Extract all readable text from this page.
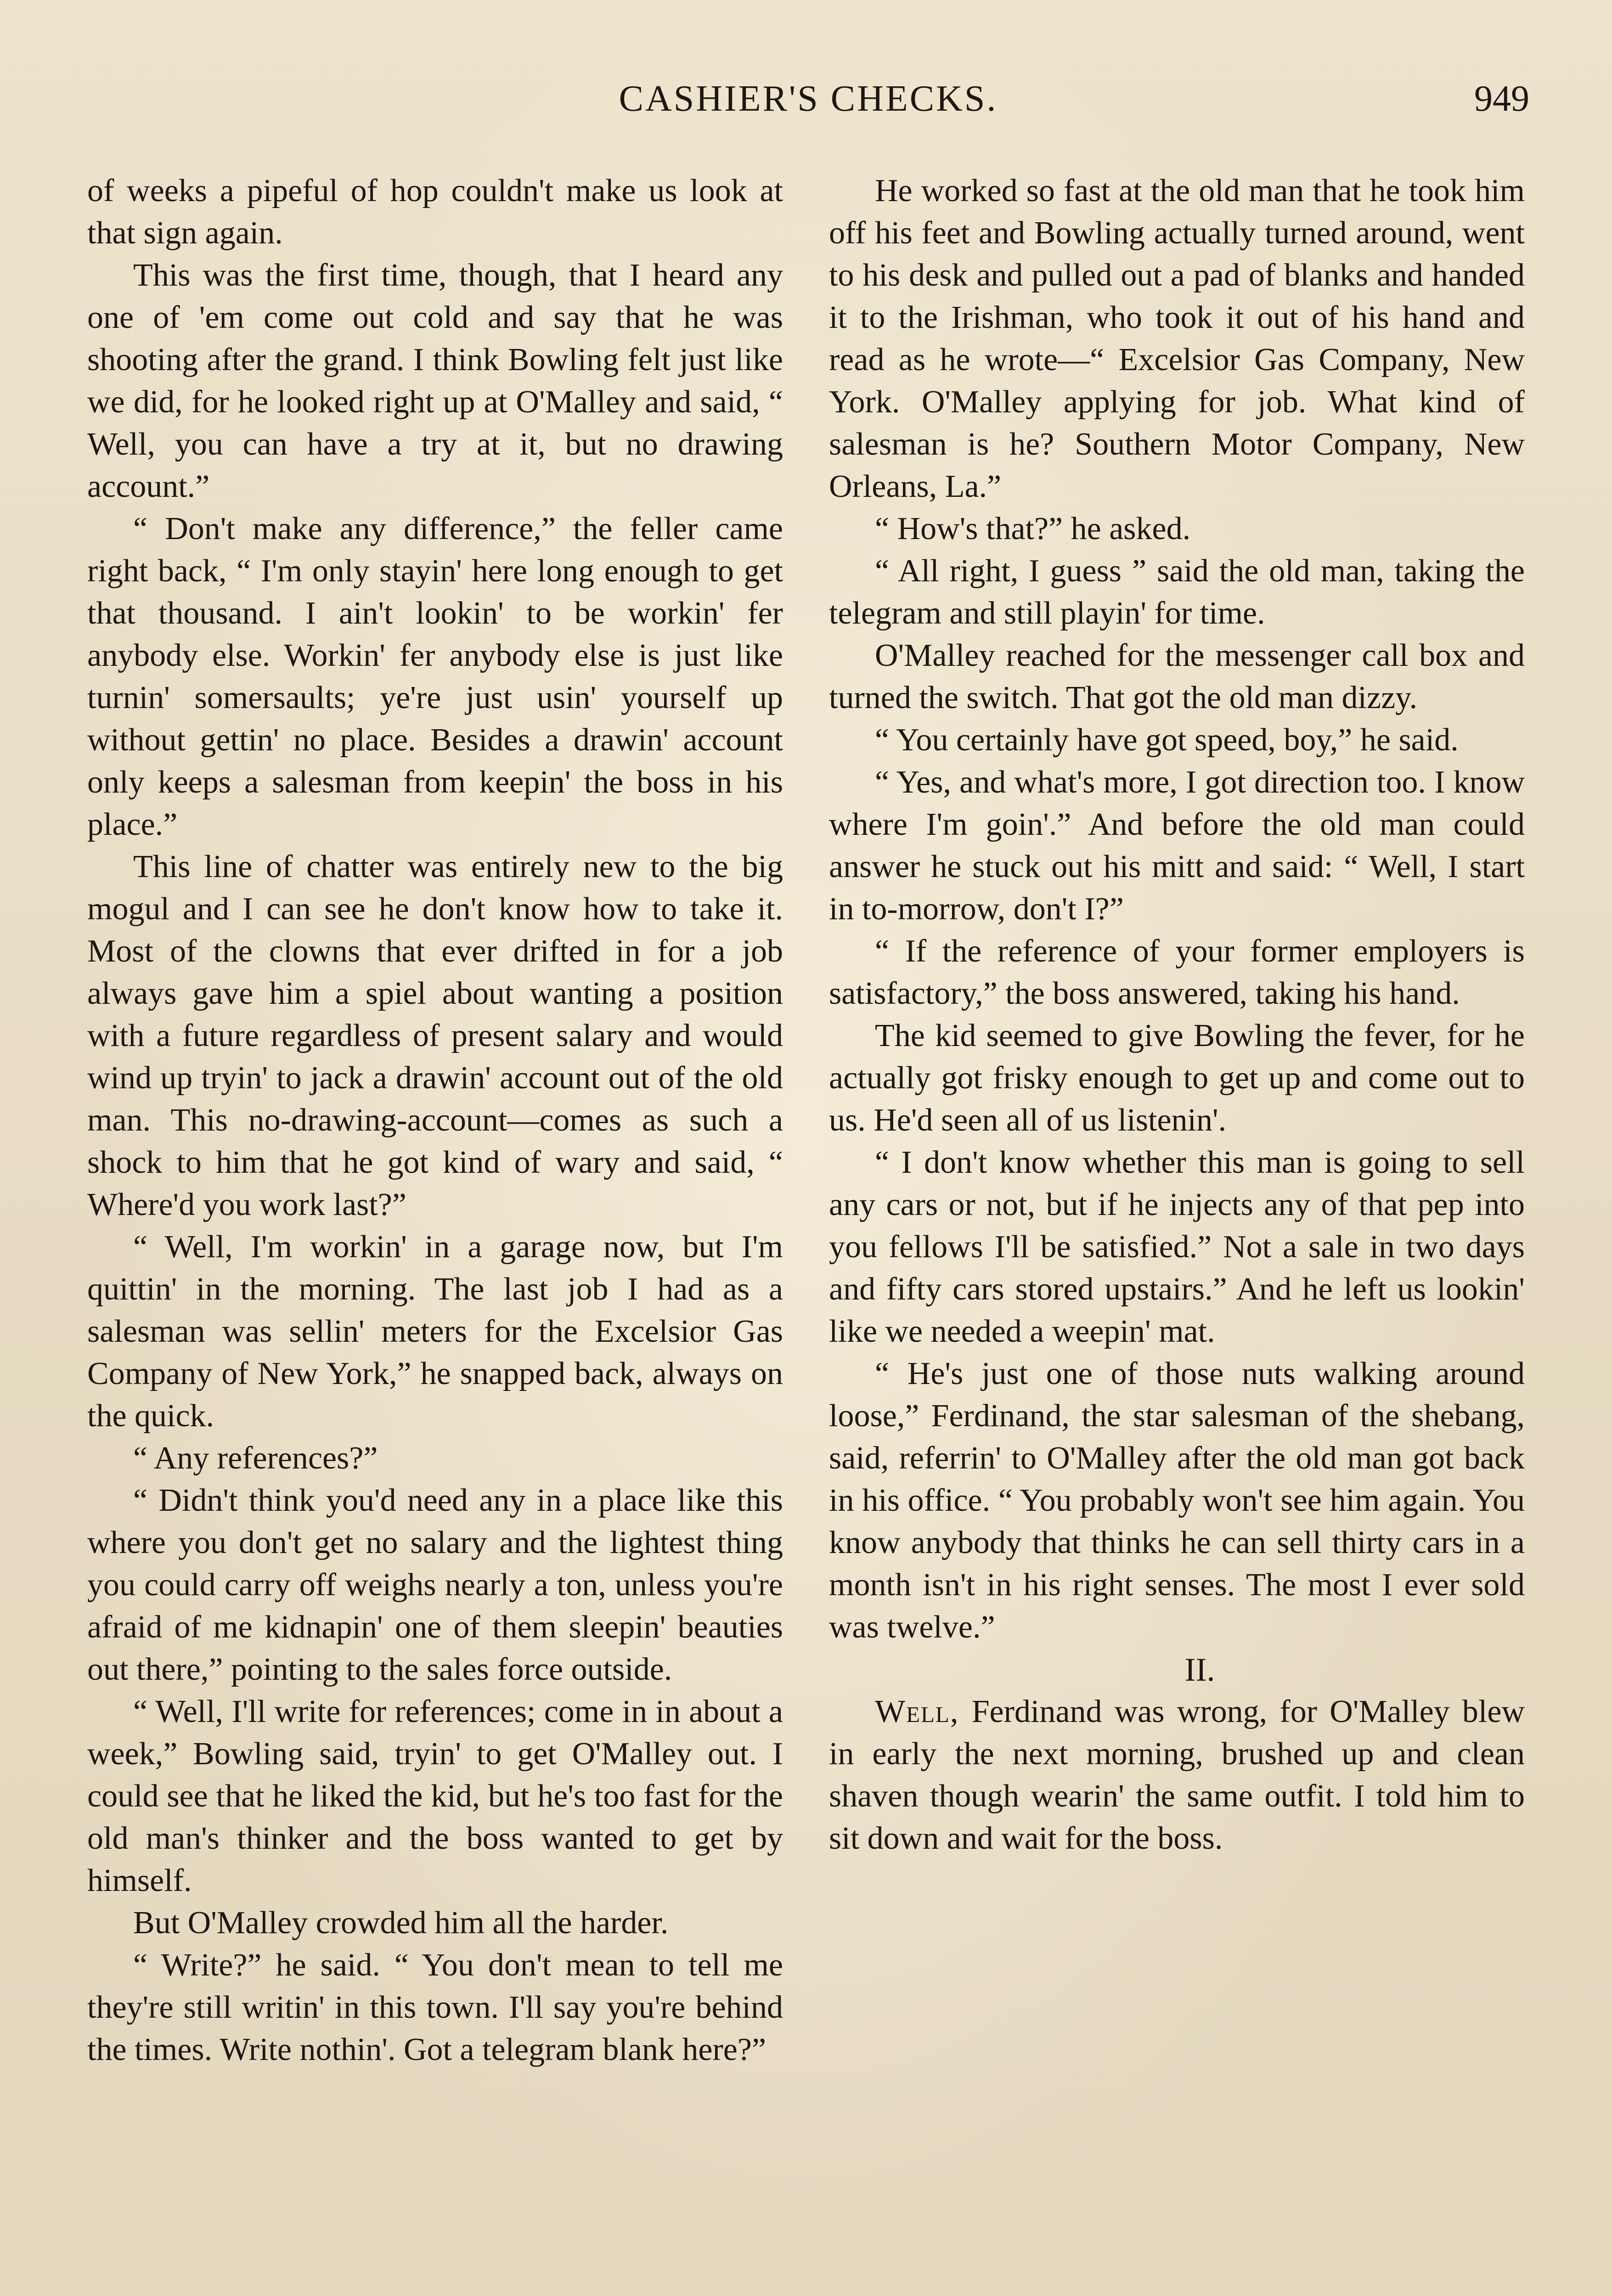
CASHIER'S CHECKS.	949

of weeks a pipeful of hop couldn't make us look at that sign again.

This was the first time, though, that I heard any one of 'em come out cold and say that he was shooting after the grand. I think Bowling felt just like we did, for he looked right up at O'Malley and said, “ Well, you can have a try at it, but no drawing account.”

“ Don't make any difference,” the feller came right back, “ I'm only stayin' here long enough to get that thousand. I ain't lookin' to be workin' fer anybody else. Workin' fer anybody else is just like turnin' somersaults; ye're just usin' yourself up without gettin' no place. Besides a drawin' account only keeps a salesman from keepin' the boss in his place.”

This line of chatter was entirely new to the big mogul and I can see he don't know how to take it. Most of the clowns that ever drifted in for a job always gave him a spiel about wanting a position with a future regardless of present salary and would wind up tryin' to jack a drawin' account out of the old man. This no-drawing-account—comes as such a shock to him that he got kind of wary and said, “ Where'd you work last?”

“ Well, I'm workin' in a garage now, but I'm quittin' in the morning. The last job I had as a salesman was sellin' meters for the Excelsior Gas Company of New York,” he snapped back, always on the quick.

“ Any references?”

“ Didn't think you'd need any in a place like this where you don't get no salary and the lightest thing you could carry off weighs nearly a ton, unless you're afraid of me kidnapin' one of them sleepin' beauties out there,” pointing to the sales force outside.

“ Well, I'll write for references; come in in about a week,” Bowling said, tryin' to get O'Malley out. I could see that he liked the kid, but he's too fast for the old man's thinker and the boss wanted to get by himself.

But O'Malley crowded him all the harder.

“ Write?” he said. “ You don't mean to tell me they're still writin' in this town. I'll say you're behind the times. Write nothin'. Got a telegram blank here?”

He worked so fast at the old man that he took him off his feet and Bowling actually turned around, went to his desk and pulled out a pad of blanks and handed it to the Irishman, who took it out of his hand and read as he wrote—“ Excelsior Gas Company, New York. O'Malley applying for job. What kind of salesman is he? Southern Motor Company, New Orleans, La.”

“ How's that?” he asked.

“ All right, I guess ” said the old man, taking the telegram and still playin' for time.

O'Malley reached for the messenger call box and turned the switch. That got the old man dizzy.

“ You certainly have got speed, boy,” he said.

“ Yes, and what's more, I got direction too. I know where I'm goin'.” And before the old man could answer he stuck out his mitt and said: “ Well, I start in to-morrow, don't I?”

“ If the reference of your former employers is satisfactory,” the boss answered, taking his hand.

The kid seemed to give Bowling the fever, for he actually got frisky enough to get up and come out to us. He'd seen all of us listenin'.

“ I don't know whether this man is going to sell any cars or not, but if he injects any of that pep into you fellows I'll be satisfied.” Not a sale in two days and fifty cars stored upstairs.” And he left us lookin' like we needed a weepin' mat.

“ He's just one of those nuts walking around loose,” Ferdinand, the star salesman of the shebang, said, referrin' to O'Malley after the old man got back in his office. “ You probably won't see him again. You know anybody that thinks he can sell thirty cars in a month isn't in his right senses. The most I ever sold was twelve.”

II.

Well, Ferdinand was wrong, for O'Malley blew in early the next morning, brushed up and clean shaven though wearin' the same outfit. I told him to sit down and wait for the boss.
